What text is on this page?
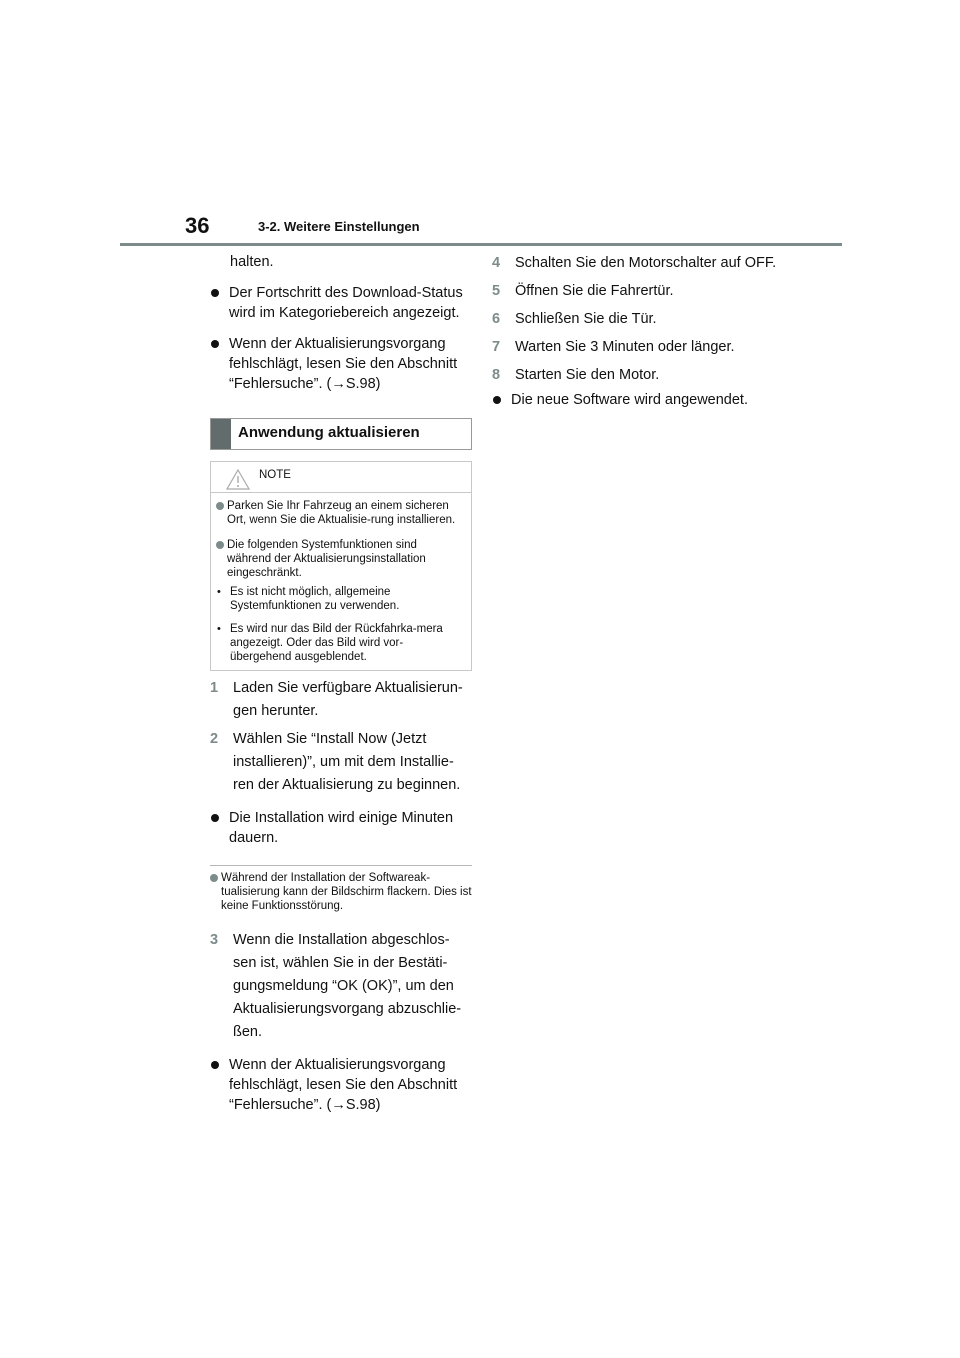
36	3-2. Weitere Einstellungen
halten.
Der Fortschritt des Download-Status wird im Kategoriebereich angezeigt.
Wenn der Aktualisierungsvorgang fehlschlägt, lesen Sie den Abschnitt “Fehlersuche”. (→S.98)
Anwendung aktualisieren
NOTE
Parken Sie Ihr Fahrzeug an einem sicheren Ort, wenn Sie die Aktualisie-rung installieren.
Die folgenden Systemfunktionen sind während der Aktualisierungsinstallation eingeschränkt.
• Es ist nicht möglich, allgemeine Systemfunktionen zu verwenden.
• Es wird nur das Bild der Rückfahrka-mera angezeigt. Oder das Bild wird vor-übergehend ausgeblendet.
1 Laden Sie verfügbare Aktualisierun-gen herunter.
2 Wählen Sie “Install Now (Jetzt installieren)”, um mit dem Installie-ren der Aktualisierung zu beginnen.
Die Installation wird einige Minuten dauern.
Während der Installation der Softwareak-tualisierung kann der Bildschirm flackern. Dies ist keine Funktionsstörung.
3 Wenn die Installation abgeschlos-sen ist, wählen Sie in der Bestäti-gungsmeldung “OK (OK)”, um den Aktualisierungsvorgang abzuschlie-ßen.
Wenn der Aktualisierungsvorgang fehlschlägt, lesen Sie den Abschnitt “Fehlersuche”. (→S.98)
4 Schalten Sie den Motorschalter auf OFF.
5 Öffnen Sie die Fahrertür.
6 Schließen Sie die Tür.
7 Warten Sie 3 Minuten oder länger.
8 Starten Sie den Motor.
Die neue Software wird angewendet.
